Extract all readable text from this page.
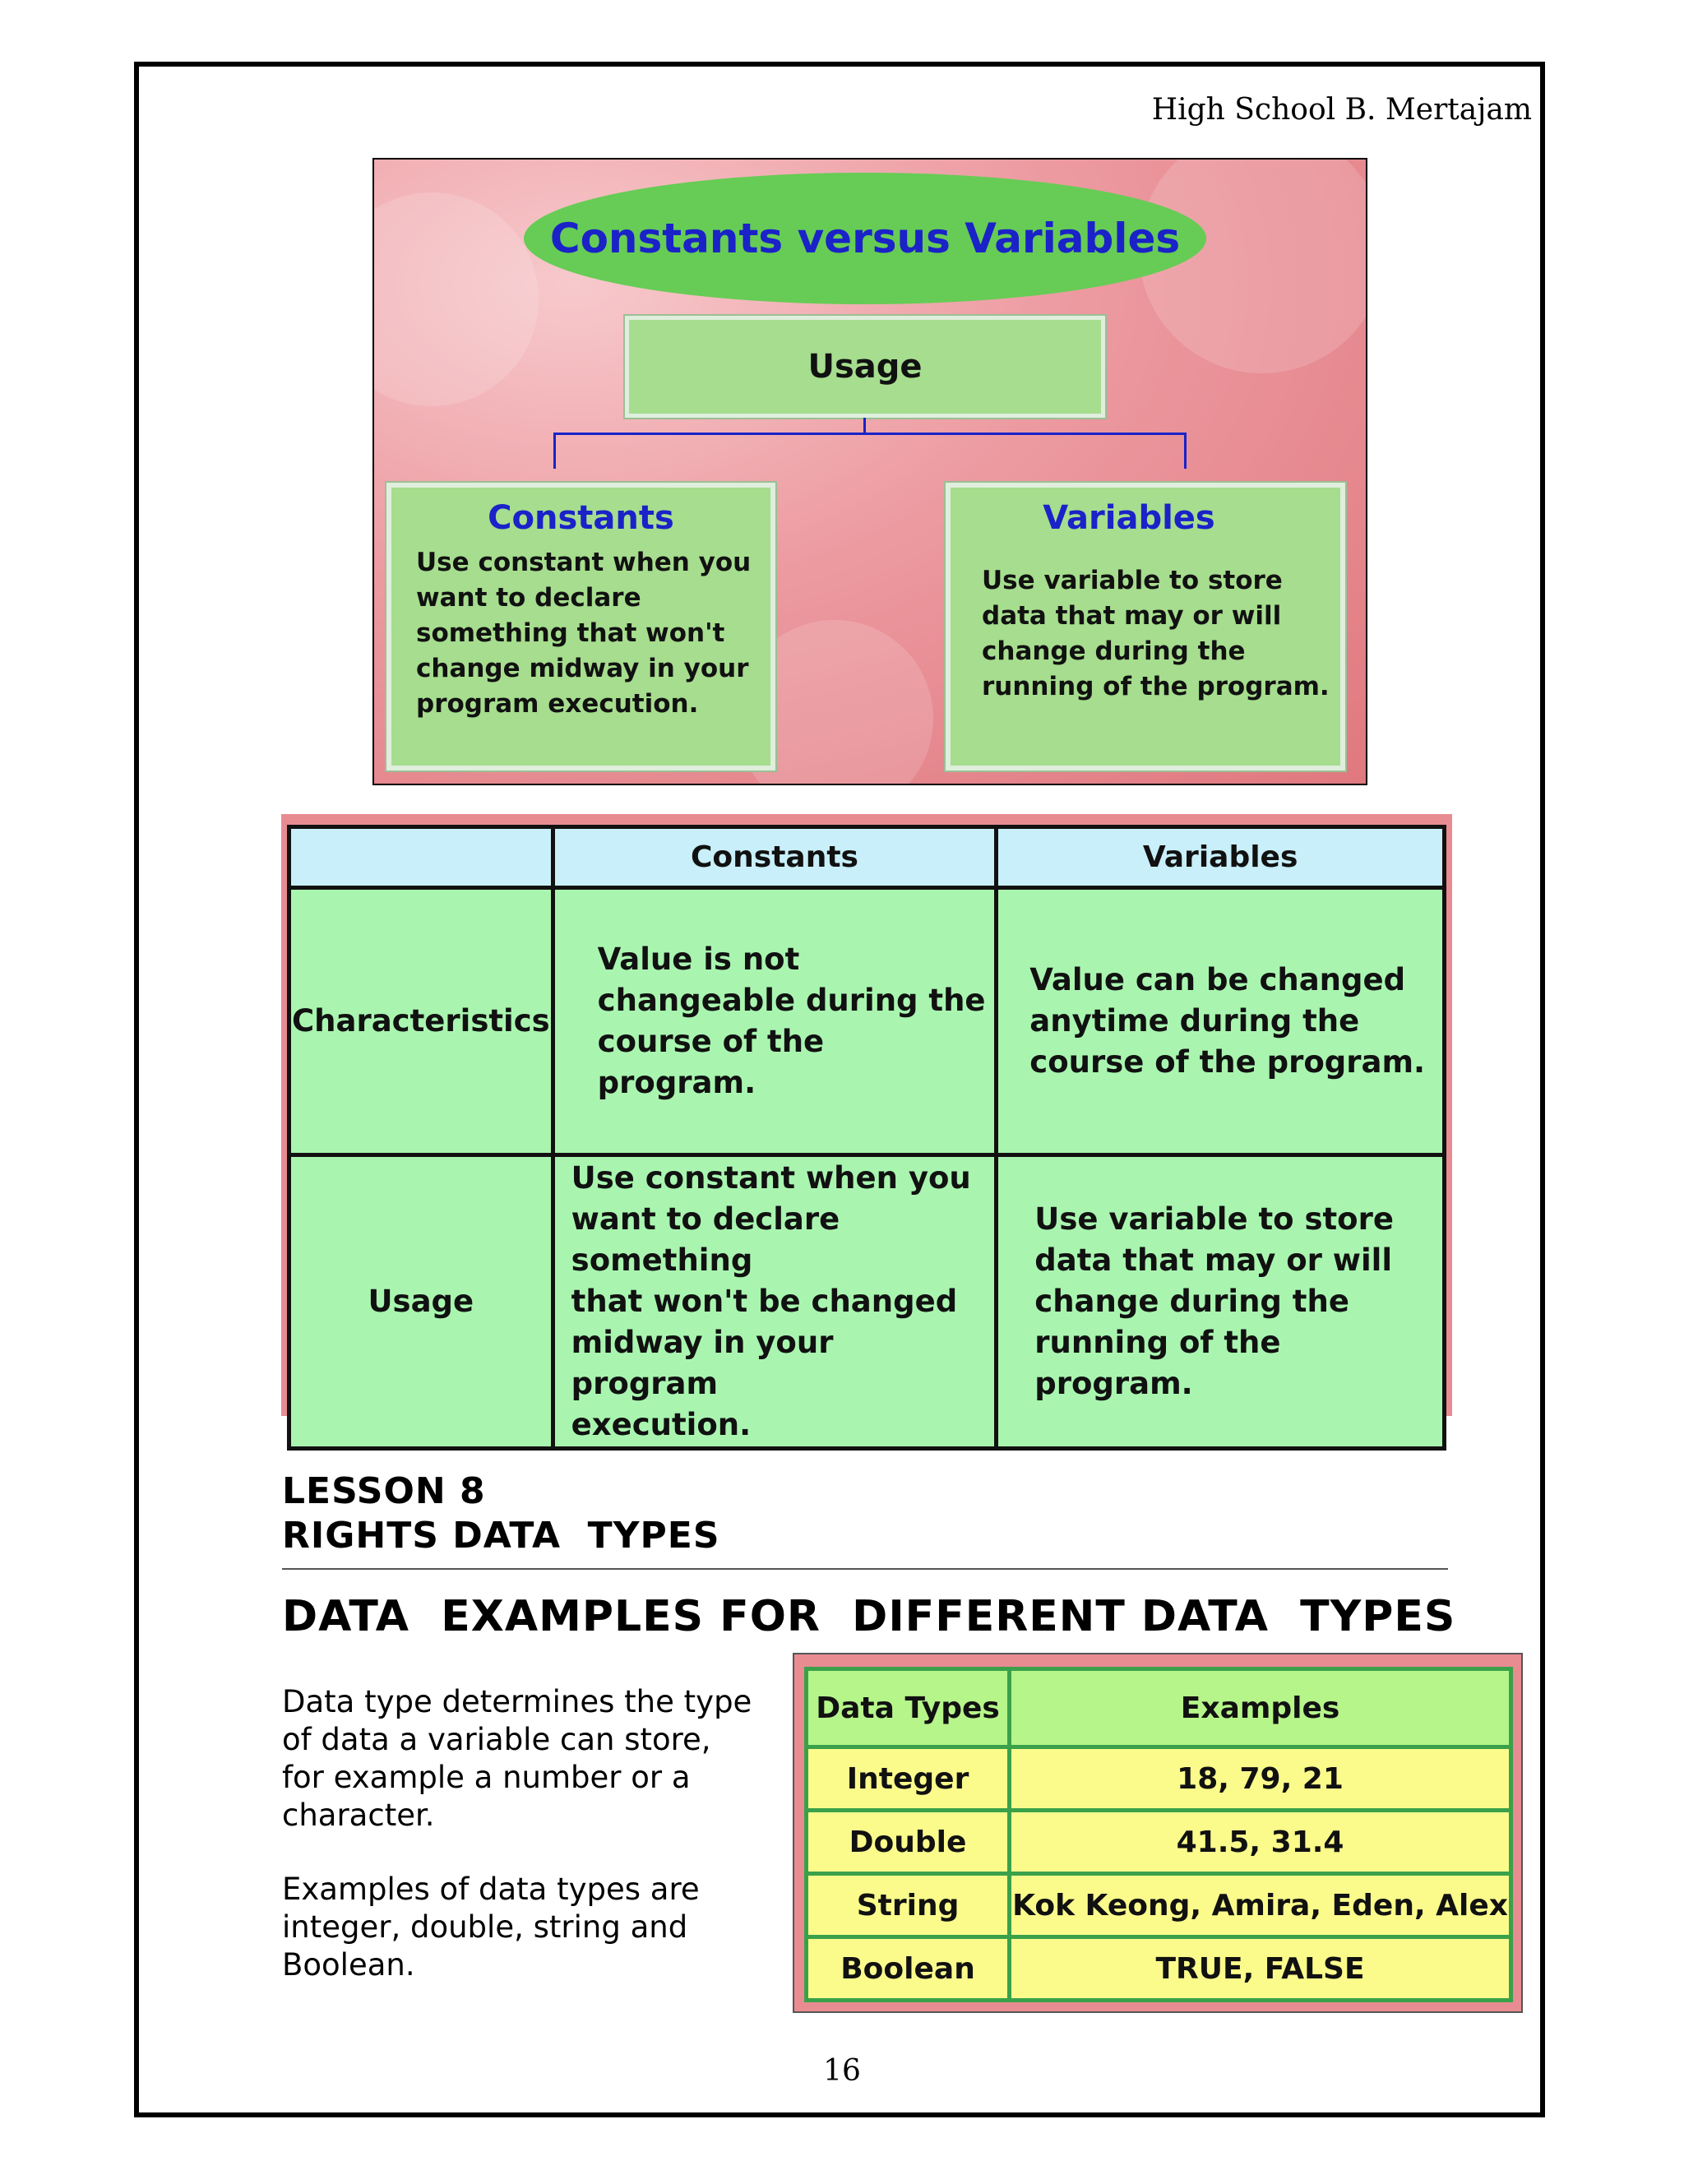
High School B. Mertajam
Constants versus Variables
Usage
Constants
Use constant when you
want to declare
something that won't
change midway in your
program execution.
Variables
Use variable to store
data that may or will
change during the
running of the program.
	Constants	Variables
Characteristics	Value is not
changeable during the
course of the program.	Value can be changed
anytime during the
course of the program.
Usage	Use constant when you
want to declare something
that won't be changed
midway in your program
execution.	Use variable to store
data that may or will
change during the
running of the program.
LESSON 8
RIGHTS DATA  TYPES
DATA  EXAMPLES FOR  DIFFERENT DATA  TYPES
Data type determines the type
of data a variable can store,
for example a number or a
character.
Examples of data types are
integer, double, string and
Boolean.
Data Types	Examples
Integer	18, 79, 21
Double	41.5, 31.4
String	Kok Keong, Amira, Eden, Alex
Boolean	TRUE, FALSE
16
